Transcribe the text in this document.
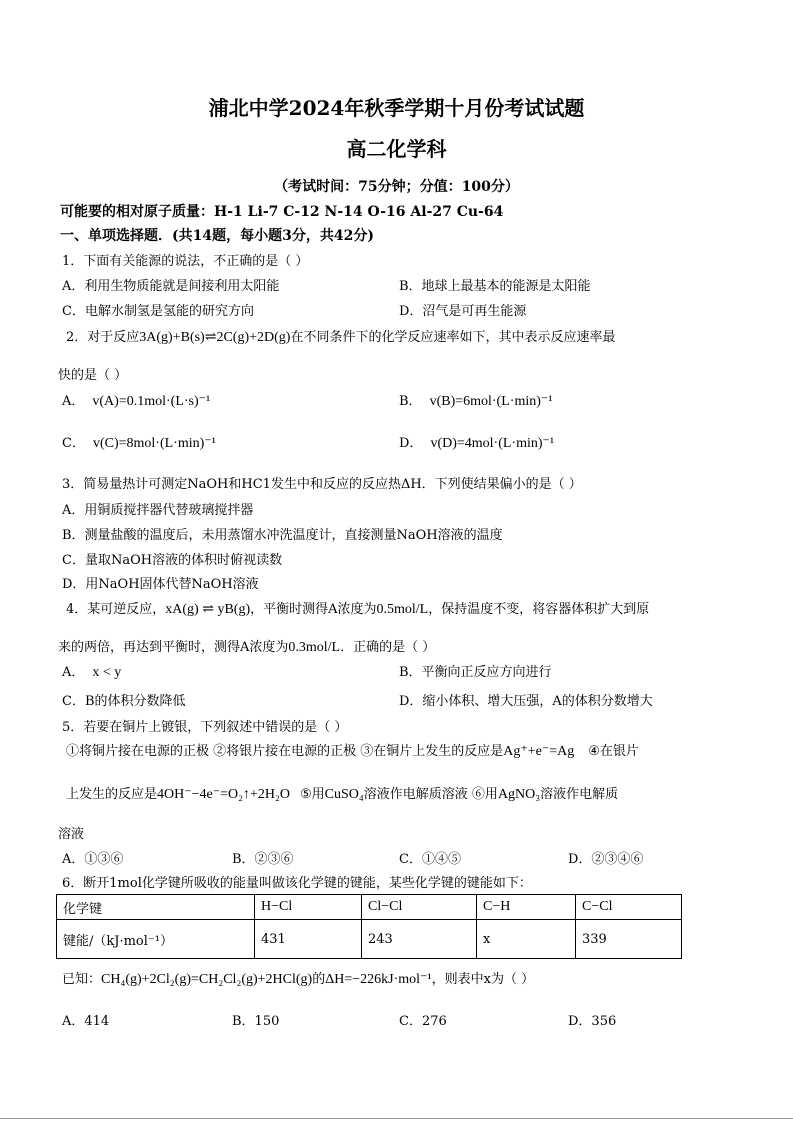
浦北中学2024年秋季学期十月份考试试题
高二化学科
（考试时间：75分钟；分值：100分）
可能要的相对原子质量：H-1 Li-7 C-12 N-14 O-16 Al-27 Cu-64
一、单项选择题．(共14题，每小题3分，共42分)
1．下面有关能源的说法，不正确的是（ ）
A．利用生物质能就是间接利用太阳能	B．地球上最基本的能源是太阳能
C．电解水制氢是氢能的研究方向	D．沼气是可再生能源
2．对于反应3A(g)+B(s)⇌2C(g)+2D(g)在不同条件下的化学反应速率如下，其中表示反应速率最
快的是（ ）
A． v(A)=0.1mol·(L·s)⁻¹	B． v(B)=6mol·(L·min)⁻¹
C． v(C)=8mol·(L·min)⁻¹	D． v(D)=4mol·(L·min)⁻¹
3．简易量热计可测定NaOH和HC1发生中和反应的反应热ΔH．下列使结果偏小的是（ ）
A．用铜质搅拌器代替玻璃搅拌器
B．测量盐酸的温度后，未用蒸馏水冲洗温度计，直接测量NaOH溶液的温度
C．量取NaOH溶液的体积时俯视读数
D．用NaOH固体代替NaOH溶液
4．某可逆反应，xA(g) ⇌ yB(g)，平衡时测得A浓度为0.5mol/L，保持温度不变，将容器体积扩大到原
来的两倍，再达到平衡时，测得A浓度为0.3mol/L．正确的是（ ）
A． x < y	B．平衡向正反应方向进行
C．B的体积分数降低	D．缩小体积、增大压强，A的体积分数增大
5．若要在铜片上镀银，下列叙述中错误的是（ ）
①将铜片接在电源的正极 ②将银片接在电源的正极 ③在铜片上发生的反应是Ag⁺+e⁻=Ag ④在银片
上发生的反应是4OH⁻−4e⁻=O₂↑+2H₂O ⑤用CuSO₄溶液作电解质溶液 ⑥用AgNO₃溶液作电解质
溶液
A．①③⑥	B．②③⑥	C．①④⑤	D．②③④⑥
6．断开1mol化学键所吸收的能量叫做该化学键的键能，某些化学键的键能如下：
化学键	H−Cl	Cl−Cl	C−H	C−Cl
键能/（kJ·mol⁻¹）	431	243	x	339
已知：CH₄(g)+2Cl₂(g)=CH₂Cl₂(g)+2HCl(g)的ΔH=−226kJ·mol⁻¹，则表中x为（ ）
A．414	B．150	C．276	D．356
